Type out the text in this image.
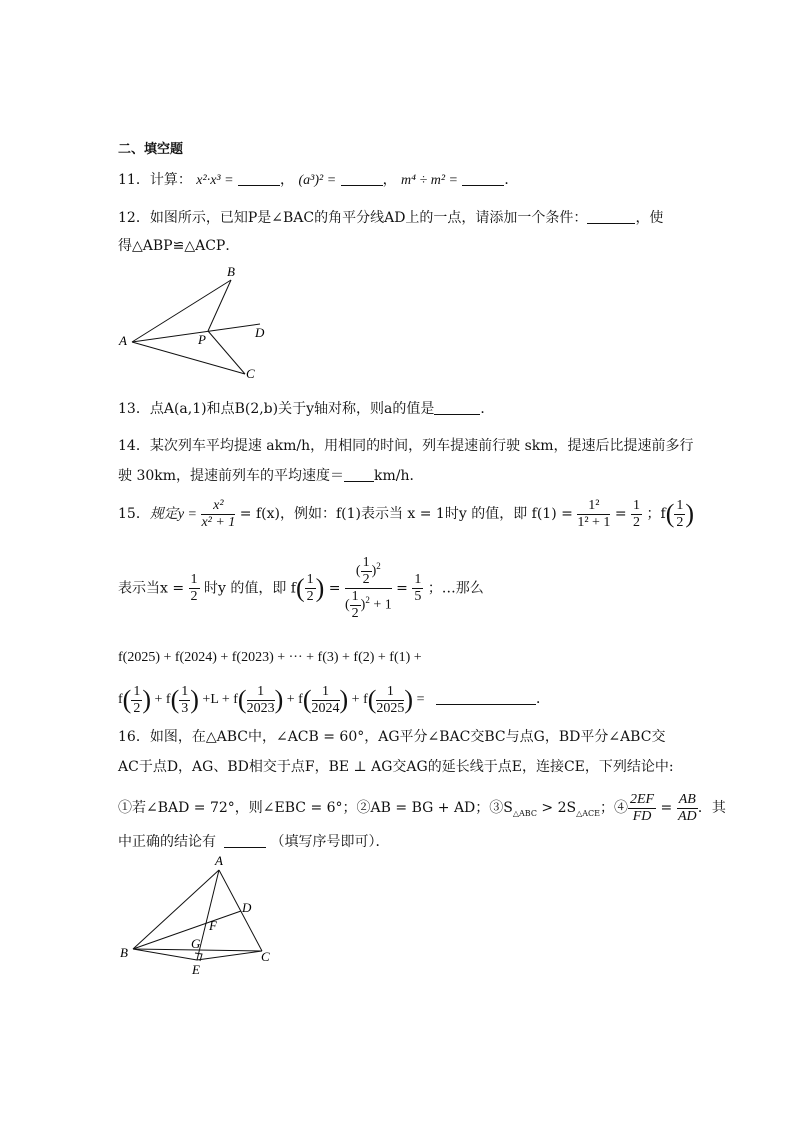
二、填空题
11．计算： x²·x³ =	， (a³)² =	， m⁴ ÷ m² =	．
12．如图所示，已知P是∠BAC的角平分线AD上的一点，请添加一个条件：	，使
得△ABP≌△ACP．
A
B
C
D
P
13．点A(a,1)和点B(2,b)关于y轴对称，则a的值是	．
14．某次列车平均提速 akm/h，用相同的时间，列车提速前行驶 skm，提速后比提速前多行
驶 30km，提速前列车的平均速度＝ km/h．
15．规定$y = \frac{\text{x²}}{\text{x² + 1}} = f(x)$，例如：f(1)表示当 x = 1时y 的值，即 $f(1) = \frac{\text{1²}}{\text{1² + 1}} = \frac{1}{2}$ ；$f( \frac{1}{2}$ )
表示当$x = \frac{1}{2}$ 时y 的值，即 $f( \frac{1}{2}$ ) = $\frac{( \frac{1}{2} )^2}{( \frac{1}{2} )^2 + 1} = \frac{1}{5}$ ；…那么
f(2025) + f(2024) + f(2023) + ··· + f(3) + f(2) + f(1) +
$f( \frac{1}{2}$ ) + $f( \frac{1}{3}$ ) $+L + f( \frac{1}{2023}$ ) + $f( \frac{1}{2024}$ ) + $f( \frac{1}{2025}$ ) =	．
16．如图，在△ABC中，∠ACB = 60°，AG平分∠BAC交BC与点G，BD平分∠ABC交
AC于点D，AG、BD相交于点F，BE ⊥ AG交AG的延长线于点E，连接CE，下列结论中:
①若∠BAD = 72°，则∠EBC = 6°；②AB = BG + AD；$③S_{\triangle ABC} > 2S_{\triangle ACE}$；④ $\frac{2EF}{FD} = \frac{AB}{AD}$ ．其
中正确的结论有	（填写序号即可）．
A
B	C
D
E
F
G
